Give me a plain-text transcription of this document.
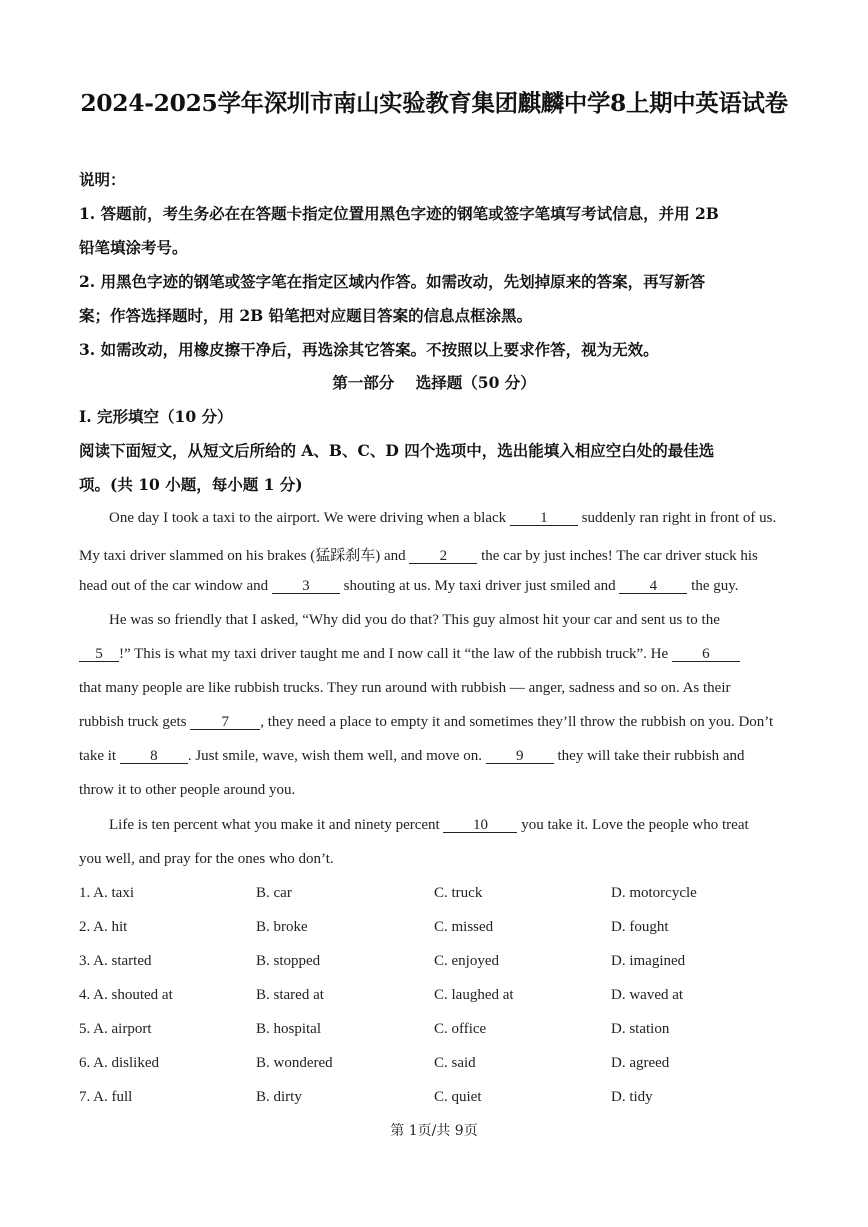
2024-2025学年深圳市南山实验教育集团麒麟中学8上期中英语试卷
说明：
1. 答题前，考生务必在在答题卡指定位置用黑色字迹的钢笔或签字笔填写考试信息，并用 2B
铅笔填涂考号。
2. 用黑色字迹的钢笔或签字笔在指定区域内作答。如需改动，先划掉原来的答案，再写新答
案；作答选择题时，用 2B 铅笔把对应题目答案的信息点框涂黑。
3. 如需改动，用橡皮擦干净后，再选涂其它答案。不按照以上要求作答，视为无效。
第一部分    选择题（50 分）
I. 完形填空（10 分）
阅读下面短文，从短文后所给的 A、B、C、D 四个选项中，选出能填入相应空白处的最佳选
项。(共 10 小题，每小题 1 分)
One day I took a taxi to the airport. We were driving when a black 1 suddenly ran right in front of us.
My taxi driver slammed on his brakes (猛踩刹车) and 2 the car by just inches! The car driver stuck his
head out of the car window and 3 shouting at us. My taxi driver just smiled and 4 the guy.
He was so friendly that I asked, “Why did you do that? This guy almost hit your car and sent us to the
5 !” This is what my taxi driver taught me and I now call it “the law of the rubbish truck”. He 6
that many people are like rubbish trucks. They run around with rubbish — anger, sadness and so on. As their
rubbish truck gets 7 , they need a place to empty it and sometimes they’ll throw the rubbish on you. Don’t
take it 8 . Just smile, wave, wish them well, and move on. 9 they will take their rubbish and
throw it to other people around you.
Life is ten percent what you make it and ninety percent 10 you take it. Love the people who treat
you well, and pray for the ones who don’t.
1. A. taxi	B. car	C. truck	D. motorcycle
2. A. hit	B. broke	C. missed	D. fought
3. A. started	B. stopped	C. enjoyed	D. imagined
4. A. shouted at	B. stared at	C. laughed at	D. waved at
5. A. airport	B. hospital	C. office	D. station
6. A. disliked	B. wondered	C. said	D. agreed
7. A. full	B. dirty	C. quiet	D. tidy
第 1页/共 9页
